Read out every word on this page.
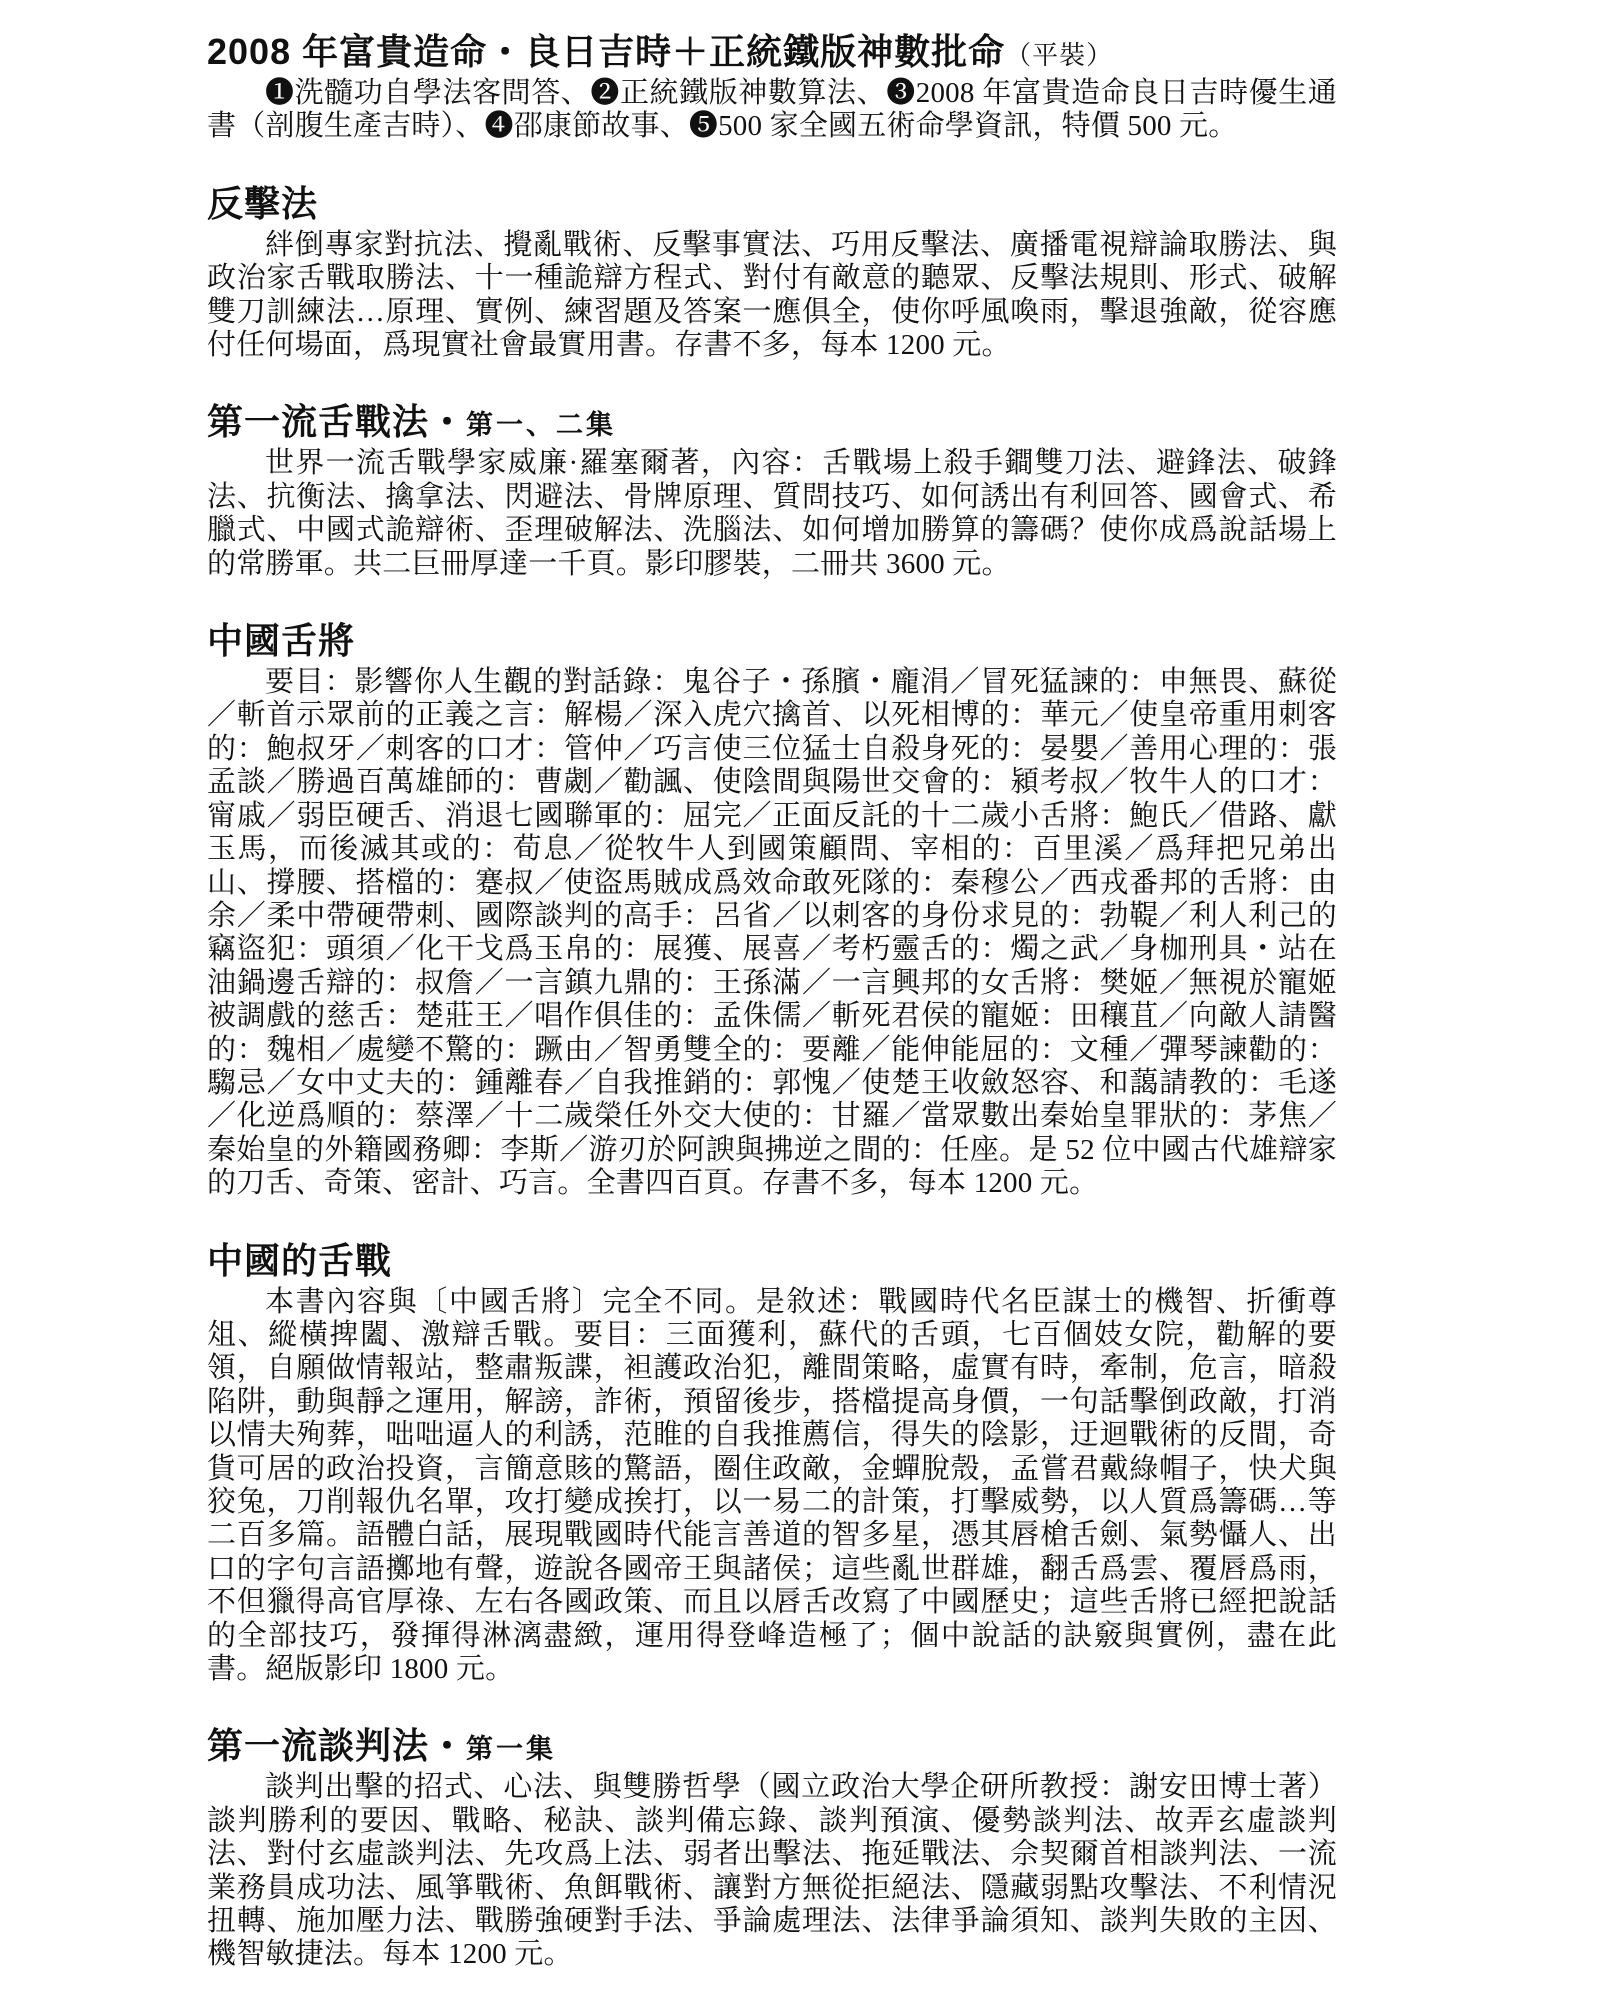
2008 年富貴造命・良日吉時＋正統鐵版神數批命（平裝）

❶洗髓功自學法客問答、❷正統鐵版神數算法、❸2008 年富貴造命良日吉時優生通書（剖腹生產吉時）、❹邵康節故事、❺500 家全國五術命學資訊，特價 500 元。

反擊法

絆倒專家對抗法、攪亂戰術、反擊事實法、巧用反擊法、廣播電視辯論取勝法、與政治家舌戰取勝法、十一種詭辯方程式、對付有敵意的聽眾、反擊法規則、形式、破解雙刀訓練法…原理、實例、練習題及答案一應俱全，使你呼風喚雨，擊退強敵，從容應付任何場面，爲現實社會最實用書。存書不多，每本 1200 元。

第一流舌戰法・第一、二集

世界一流舌戰學家威廉·羅塞爾著，內容：舌戰場上殺手鐧雙刀法、避鋒法、破鋒法、抗衡法、擒拿法、閃避法、骨牌原理、質問技巧、如何誘出有利回答、國會式、希臘式、中國式詭辯術、歪理破解法、洗腦法、如何增加勝算的籌碼？使你成爲說話場上的常勝軍。共二巨冊厚達一千頁。影印膠裝，二冊共 3600 元。

中國舌將

要目：影響你人生觀的對話錄：鬼谷子・孫臏・龐涓／冒死猛諫的：申無畏、蘇從／斬首示眾前的正義之言：解楊／深入虎穴擒首、以死相博的：華元／使皇帝重用刺客的：鮑叔牙／刺客的口才：管仲／巧言使三位猛士自殺身死的：晏嬰／善用心理的：張孟談／勝過百萬雄師的：曹劌／勸諷、使陰間與陽世交會的：潁考叔／牧牛人的口才：甯戚／弱臣硬舌、消退七國聯軍的：屈完／正面反託的十二歲小舌將：鮑氏／借路、獻玉馬，而後滅其或的：荀息／從牧牛人到國策顧問、宰相的：百里溪／爲拜把兄弟出山、撐腰、搭檔的：蹇叔／使盜馬賊成爲效命敢死隊的：秦穆公／西戎番邦的舌將：由余／柔中帶硬帶刺、國際談判的高手：呂省／以刺客的身份求見的：勃鞮／利人利己的竊盜犯：頭須／化干戈爲玉帛的：展獲、展喜／考朽靈舌的：燭之武／身枷刑具・站在油鍋邊舌辯的：叔詹／一言鎮九鼎的：王孫滿／一言興邦的女舌將：樊姬／無視於寵姬被調戲的慈舌：楚莊王／唱作俱佳的：孟侏儒／斬死君侯的寵姬：田穰苴／向敵人請醫的：魏相／處變不驚的：蹶由／智勇雙全的：要離／能伸能屈的：文種／彈琴諫勸的：騶忌／女中丈夫的：鍾離春／自我推銷的：郭愧／使楚王收斂怒容、和藹請教的：毛遂／化逆爲順的：蔡澤／十二歲榮任外交大使的：甘羅／當眾數出秦始皇罪狀的：茅焦／秦始皇的外籍國務卿：李斯／游刃於阿諛與拂逆之間的：任座。是 52 位中國古代雄辯家的刀舌、奇策、密計、巧言。全書四百頁。存書不多，每本 1200 元。

中國的舌戰

本書內容與〔中國舌將〕完全不同。是敘述：戰國時代名臣謀士的機智、折衝尊俎、縱橫捭闔、激辯舌戰。要目：三面獲利，蘇代的舌頭，七百個妓女院，勸解的要領，自願做情報站，整肅叛諜，袒護政治犯，離間策略，虛實有時，牽制，危言，暗殺陷阱，動與靜之運用，解謗，詐術，預留後步，搭檔提高身價，一句話擊倒政敵，打消以情夫殉葬，咄咄逼人的利誘，范睢的自我推薦信，得失的陰影，迂迴戰術的反間，奇貨可居的政治投資，言簡意賅的驚語，圈住政敵，金蟬脫殼，孟嘗君戴綠帽子，快犬與狡兔，刀削報仇名單，攻打變成挨打，以一易二的計策，打擊威勢，以人質爲籌碼…等二百多篇。語體白話，展現戰國時代能言善道的智多星，憑其唇槍舌劍、氣勢懾人、出口的字句言語擲地有聲，遊說各國帝王與諸侯；這些亂世群雄，翻舌爲雲、覆唇爲雨，不但獵得高官厚祿、左右各國政策、而且以唇舌改寫了中國歷史；這些舌將已經把說話的全部技巧，發揮得淋漓盡緻，運用得登峰造極了；個中說話的訣竅與實例，盡在此書。絕版影印 1800 元。

第一流談判法・第一集

談判出擊的招式、心法、與雙勝哲學（國立政治大學企研所教授：謝安田博士著）談判勝利的要因、戰略、秘訣、談判備忘錄、談判預演、優勢談判法、故弄玄虛談判法、對付玄虛談判法、先攻爲上法、弱者出擊法、拖延戰法、佘契爾首相談判法、一流業務員成功法、風箏戰術、魚餌戰術、讓對方無從拒絕法、隱藏弱點攻擊法、不利情況扭轉、施加壓力法、戰勝強硬對手法、爭論處理法、法律爭論須知、談判失敗的主因、機智敏捷法。每本 1200 元。
